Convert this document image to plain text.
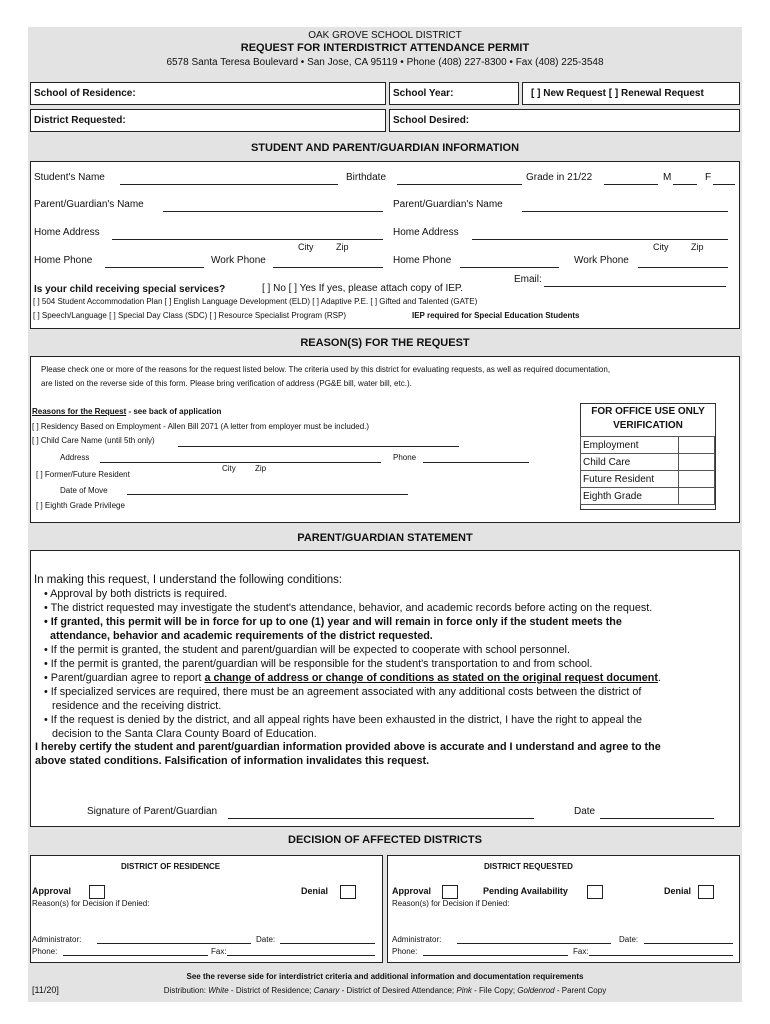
OAK GROVE SCHOOL DISTRICT
REQUEST FOR INTERDISTRICT ATTENDANCE PERMIT
6578 Santa Teresa Boulevard • San Jose, CA 95119 • Phone (408) 227-8300 • Fax (408) 225-3548
School of Residence:	School Year:	[ ] New Request [ ] Renewal Request
District Requested:	School Desired:
STUDENT AND PARENT/GUARDIAN INFORMATION
Student's Name	Birthdate	Grade in 21/22	M	F
Parent/Guardian's Name	Parent/Guardian's Name
Home Address	Home Address
City	Zip	City	Zip
Home Phone	Work Phone	Home Phone	Work Phone
Email:
Is your child receiving special services?	[ ] No [ ] Yes If yes, please attach copy of IEP.
[ ] 504 Student Accommodation Plan [ ] English Language Development (ELD) [ ] Adaptive P.E. [ ] Gifted and Talented (GATE)
[ ] Speech/Language [ ] Special Day Class (SDC) [ ] Resource Specialist Program (RSP)	IEP required for Special Education Students
REASON(S) FOR THE REQUEST
Please check one or more of the reasons for the request listed below. The criteria used by this district for evaluating requests, as well as required documentation,
are listed on the reverse side of this form. Please bring verification of address (PG&E bill, water bill, etc.).
Reasons for the Request - see back of application
[ ] Residency Based on Employment - Allen Bill 2071 (A letter from employer must be included.)
[ ] Child Care Name (until 5th only)
Address	Phone
City Zip
[ ] Former/Future Resident
Date of Move
[ ] Eighth Grade Privilege
FOR OFFICE USE ONLY
VERIFICATION
Employment	
Child Care	
Future Resident	
Eighth Grade	
PARENT/GUARDIAN STATEMENT
In making this request, I understand the following conditions:
• Approval by both districts is required.
• The district requested may investigate the student's attendance, behavior, and academic records before acting on the request.
• If granted, this permit will be in force for up to one (1) year and will remain in force only if the student meets the
attendance, behavior and academic requirements of the district requested.
• If the permit is granted, the student and parent/guardian will be expected to cooperate with school personnel.
• If the permit is granted, the parent/guardian will be responsible for the student's transportation to and from school.
• Parent/guardian agree to report a change of address or change of conditions as stated on the original request document.
• If specialized services are required, there must be an agreement associated with any additional costs between the district of
residence and the receiving district.
• If the request is denied by the district, and all appeal rights have been exhausted in the district, I have the right to appeal the
decision to the Santa Clara County Board of Education.
I hereby certify the student and parent/guardian information provided above is accurate and I understand and agree to the
above stated conditions. Falsification of information invalidates this request.
Signature of Parent/Guardian	Date
DECISION OF AFFECTED DISTRICTS
DISTRICT OF RESIDENCE
Approval	Denial
Reason(s) for Decision if Denied:
Administrator:	Date:
Phone:	Fax:
DISTRICT REQUESTED
Approval	Pending Availability	Denial
Reason(s) for Decision if Denied:
Administrator:	Date:
Phone:	Fax:
See the reverse side for interdistrict criteria and additional information and documentation requirements
[11/20]	Distribution: White - District of Residence; Canary - District of Desired Attendance; Pink - File Copy; Goldenrod - Parent Copy
